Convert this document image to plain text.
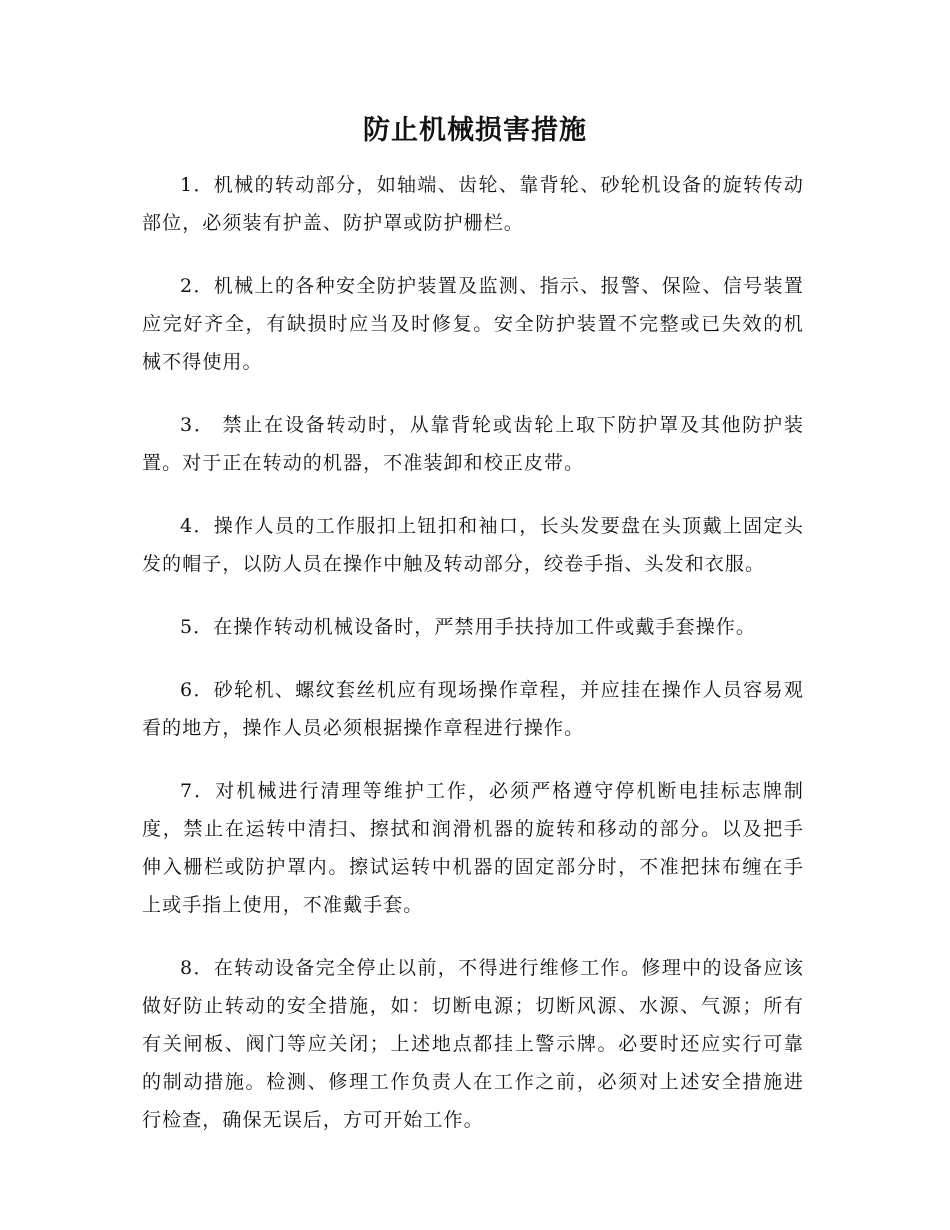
防止机械损害措施

1．机械的转动部分，如轴端、齿轮、靠背轮、砂轮机设备的旋转传动部位，必须装有护盖、防护罩或防护栅栏。

2．机械上的各种安全防护装置及监测、指示、报警、保险、信号装置应完好齐全，有缺损时应当及时修复。安全防护装置不完整或已失效的机械不得使用。

3． 禁止在设备转动时，从靠背轮或齿轮上取下防护罩及其他防护装置。对于正在转动的机器，不准装卸和校正皮带。

4．操作人员的工作服扣上钮扣和袖口，长头发要盘在头顶戴上固定头发的帽子，以防人员在操作中触及转动部分，绞卷手指、头发和衣服。

5．在操作转动机械设备时，严禁用手扶持加工件或戴手套操作。

6．砂轮机、螺纹套丝机应有现场操作章程，并应挂在操作人员容易观看的地方，操作人员必须根据操作章程进行操作。

7．对机械进行清理等维护工作，必须严格遵守停机断电挂标志牌制度，禁止在运转中清扫、擦拭和润滑机器的旋转和移动的部分。以及把手伸入栅栏或防护罩内。擦试运转中机器的固定部分时，不准把抹布缠在手上或手指上使用，不准戴手套。

8．在转动设备完全停止以前，不得进行维修工作。修理中的设备应该做好防止转动的安全措施，如：切断电源；切断风源、水源、气源；所有有关闸板、阀门等应关闭；上述地点都挂上警示牌。必要时还应实行可靠的制动措施。检测、修理工作负责人在工作之前，必须对上述安全措施进行检查，确保无误后，方可开始工作。
